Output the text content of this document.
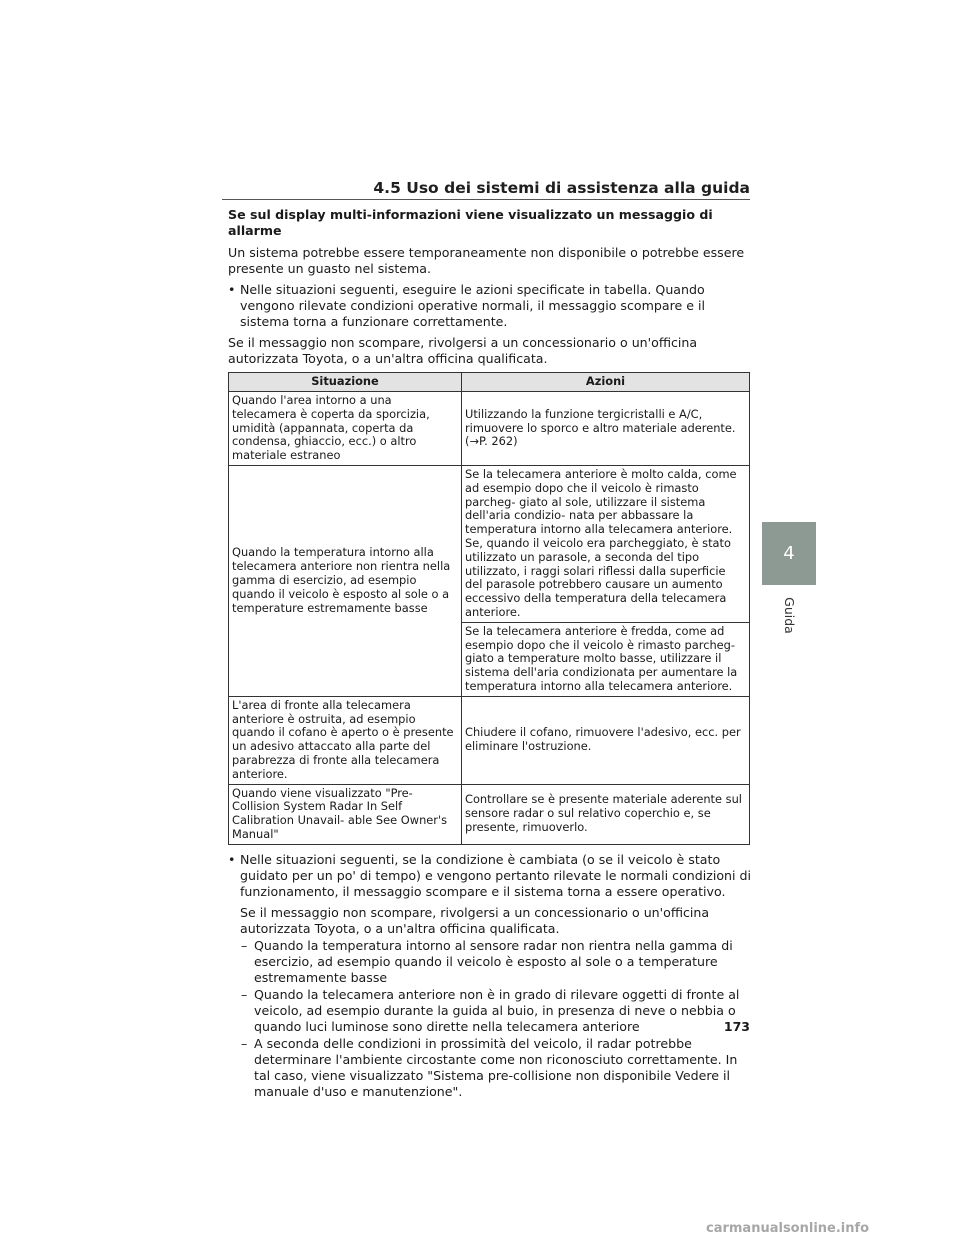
4.5 Uso dei sistemi di assistenza alla guida
Se sul display multi-informazioni viene visualizzato un messaggio di allarme

Un sistema potrebbe essere temporaneamente non disponibile o potrebbe essere presente un guasto nel sistema.

• Nelle situazioni seguenti, eseguire le azioni specificate in tabella. Quando vengono rilevate condizioni operative normali, il messaggio scompare e il sistema torna a funzionare correttamente.

Se il messaggio non scompare, rivolgersi a un concessionario o un'officina autorizzata Toyota, o a un'altra officina qualificata.

Situazione	Azioni
Quando l'area intorno a una telecamera è coperta da sporcizia, umidità (appannata, coperta da condensa, ghiaccio, ecc.) o altro materiale estraneo	Utilizzando la funzione tergicristalli e A/C, rimuovere lo sporco e altro materiale aderente. (→P. 262)
Quando la temperatura intorno alla telecamera anteriore non rientra nella gamma di esercizio, ad esempio quando il veicolo è esposto al sole o a temperature estremamente basse	Se la telecamera anteriore è molto calda, come ad esempio dopo che il veicolo è rimasto parcheg- giato al sole, utilizzare il sistema dell'aria condizio- nata per abbassare la temperatura intorno alla telecamera anteriore.
Se, quando il veicolo era parcheggiato, è stato utilizzato un parasole, a seconda del tipo utilizzato, i raggi solari riflessi dalla superficie del parasole potrebbero causare un aumento eccessivo della temperatura della telecamera anteriore.

	Se la telecamera anteriore è fredda, come ad esempio dopo che il veicolo è rimasto parcheg- giato a temperature molto basse, utilizzare il sistema dell'aria condizionata per aumentare la temperatura intorno alla telecamera anteriore.
L'area di fronte alla telecamera anteriore è ostruita, ad esempio quando il cofano è aperto o è presente un adesivo attaccato alla parte del parabrezza di fronte alla telecamera anteriore.	Chiudere il cofano, rimuovere l'adesivo, ecc. per eliminare l'ostruzione.
Quando viene visualizzato "Pre-Collision System Radar In Self Calibration Unavail- able See Owner's Manual"	Controllare se è presente materiale aderente sul sensore radar o sul relativo coperchio e, se presente, rimuoverlo.
• Nelle situazioni seguenti, se la condizione è cambiata (o se il veicolo è stato guidato per un po' di tempo) e vengono pertanto rilevate le normali condizioni di funzionamento, il messaggio scompare e il sistema torna a essere operativo.
Se il messaggio non scompare, rivolgersi a un concessionario o un'officina autorizzata Toyota, o a un'altra officina qualificata.
– Quando la temperatura intorno al sensore radar non rientra nella gamma di esercizio, ad esempio quando il veicolo è esposto al sole o a temperature estremamente basse
– Quando la telecamera anteriore non è in grado di rilevare oggetti di fronte al veicolo, ad esempio durante la guida al buio, in presenza di neve o nebbia o quando luci luminose sono dirette nella telecamera anteriore
– A seconda delle condizioni in prossimità del veicolo, il radar potrebbe determinare l'ambiente circostante come non riconosciuto correttamente. In tal caso, viene visualizzato "Sistema pre-collisione non disponibile Vedere il manuale d'uso e manutenzione".
173
4
Guida
carmanualsonline.info
